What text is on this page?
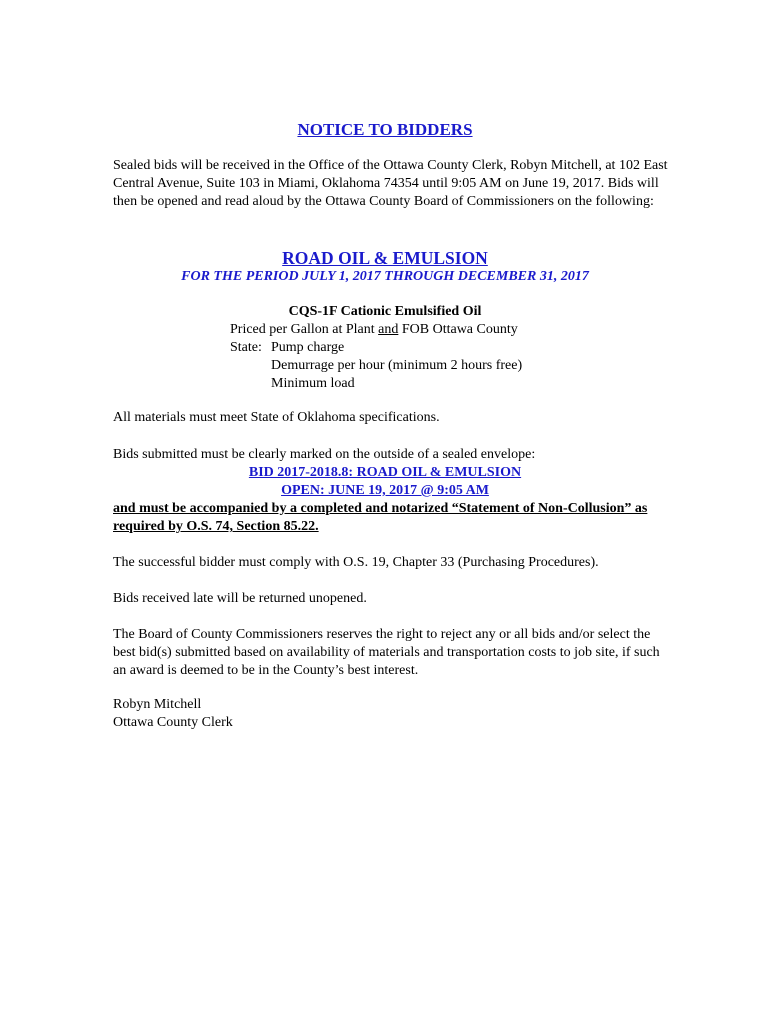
NOTICE TO BIDDERS

Sealed bids will be received in the Office of the Ottawa County Clerk, Robyn Mitchell, at 102 East Central Avenue, Suite 103 in Miami, Oklahoma 74354 until 9:05 AM on June 19, 2017. Bids will then be opened and read aloud by the Ottawa County Board of Commissioners on the following:

ROAD OIL & EMULSION
FOR THE PERIOD JULY 1, 2017 THROUGH DECEMBER 31, 2017
CQS-1F Cationic Emulsified Oil
Priced per Gallon at Plant and FOB Ottawa County
State: Pump charge
Demurrage per hour (minimum 2 hours free)
Minimum load

All materials must meet State of Oklahoma specifications.

Bids submitted must be clearly marked on the outside of a sealed envelope:

BID 2017-2018.8: ROAD OIL & EMULSION
OPEN: JUNE 19, 2017 @ 9:05 AM

and must be accompanied by a completed and notarized “Statement of Non-Collusion” as required by O.S. 74, Section 85.22.

The successful bidder must comply with O.S. 19, Chapter 33 (Purchasing Procedures).

Bids received late will be returned unopened.

The Board of County Commissioners reserves the right to reject any or all bids and/or select the best bid(s) submitted based on availability of materials and transportation costs to job site, if such an award is deemed to be in the County’s best interest.

Robyn Mitchell

Ottawa County Clerk
